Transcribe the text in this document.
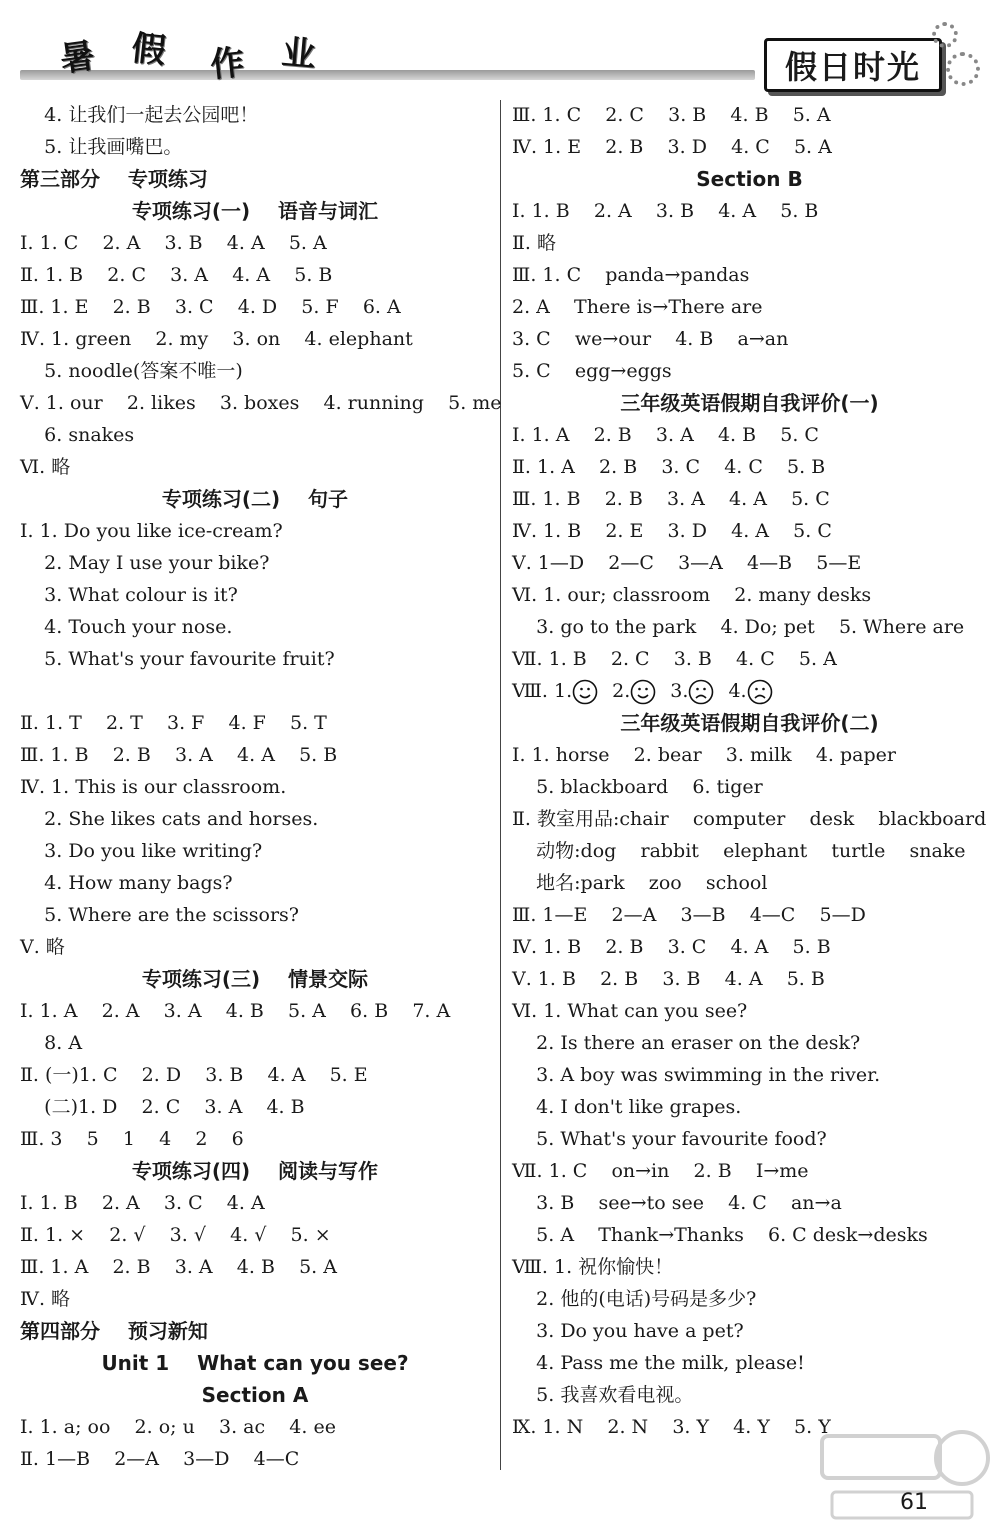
暑 假 作 业	假日时光
4. 让我们一起去公园吧！
5. 让我画嘴巴。
第三部分    专项练习
专项练习(一)    语音与词汇
Ⅰ. 1. C    2. A    3. B    4. A    5. A
Ⅱ. 1. B    2. C    3. A    4. A    5. B
Ⅲ. 1. E    2. B    3. C    4. D    5. F    6. A
Ⅳ. 1. green    2. my    3. on    4. elephant
5. noodle(答案不唯一)
Ⅴ. 1. our    2. likes    3. boxes    4. running    5. me
6. snakes
Ⅵ. 略
专项练习(二)    句子
Ⅰ. 1. Do you like ice-cream?
2. May I use your bike?
3. What colour is it?
4. Touch your nose.
5. What's your favourite fruit?
Ⅱ. 1. T    2. T    3. F    4. F    5. T
Ⅲ. 1. B    2. B    3. A    4. A    5. B
Ⅳ. 1. This is our classroom.
2. She likes cats and horses.
3. Do you like writing?
4. How many bags?
5. Where are the scissors?
Ⅴ. 略
专项练习(三)    情景交际
Ⅰ. 1. A    2. A    3. A    4. B    5. A    6. B    7. A
8. A
Ⅱ. (一)1. C    2. D    3. B    4. A    5. E
(二)1. D    2. C    3. A    4. B
Ⅲ. 3    5    1    4    2    6
专项练习(四)    阅读与写作
Ⅰ. 1. B    2. A    3. C    4. A
Ⅱ. 1. ×    2. √    3. √    4. √    5. ×
Ⅲ. 1. A    2. B    3. A    4. B    5. A
Ⅳ. 略
第四部分    预习新知
Unit 1    What can you see?
Section A
Ⅰ. 1. a; oo    2. o; u    3. ac    4. ee
Ⅱ. 1—B    2—A    3—D    4—C
Ⅲ. 1. C    2. C    3. B    4. B    5. A
Ⅳ. 1. E    2. B    3. D    4. C    5. A
Section B
Ⅰ. 1. B    2. A    3. B    4. A    5. B
Ⅱ. 略
Ⅲ. 1. C    panda→pandas
2. A    There is→There are
3. C    we→our    4. B    a→an
5. C    egg→eggs
三年级英语假期自我评价(一)
Ⅰ. 1. A    2. B    3. A    4. B    5. C
Ⅱ. 1. A    2. B    3. C    4. C    5. B
Ⅲ. 1. B    2. B    3. A    4. A    5. C
Ⅳ. 1. B    2. E    3. D    4. A    5. C
Ⅴ. 1—D    2—C    3—A    4—B    5—E
Ⅵ. 1. our; classroom    2. many desks
3. go to the park    4. Do; pet    5. Where are
Ⅶ. 1. B    2. C    3. B    4. C    5. A
Ⅷ. 1. 2. 3. 4.
三年级英语假期自我评价(二)
Ⅰ. 1. horse    2. bear    3. milk    4. paper
5. blackboard    6. tiger
Ⅱ. 教室用品:chair    computer    desk    blackboard
动物:dog    rabbit    elephant    turtle    snake
地名:park    zoo    school
Ⅲ. 1—E    2—A    3—B    4—C    5—D
Ⅳ. 1. B    2. B    3. C    4. A    5. B
Ⅴ. 1. B    2. B    3. B    4. A    5. B
Ⅵ. 1. What can you see?
2. Is there an eraser on the desk?
3. A boy was swimming in the river.
4. I don't like grapes.
5. What's your favourite food?
Ⅶ. 1. C    on→in    2. B    I→me
3. B    see→to see    4. C    an→a
5. A    Thank→Thanks    6. C desk→desks
Ⅷ. 1. 祝你愉快！
2. 他的(电话)号码是多少?
3. Do you have a pet?
4. Pass me the milk, please!
5. 我喜欢看电视。
Ⅸ. 1. N    2. N    3. Y    4. Y    5. Y
61
